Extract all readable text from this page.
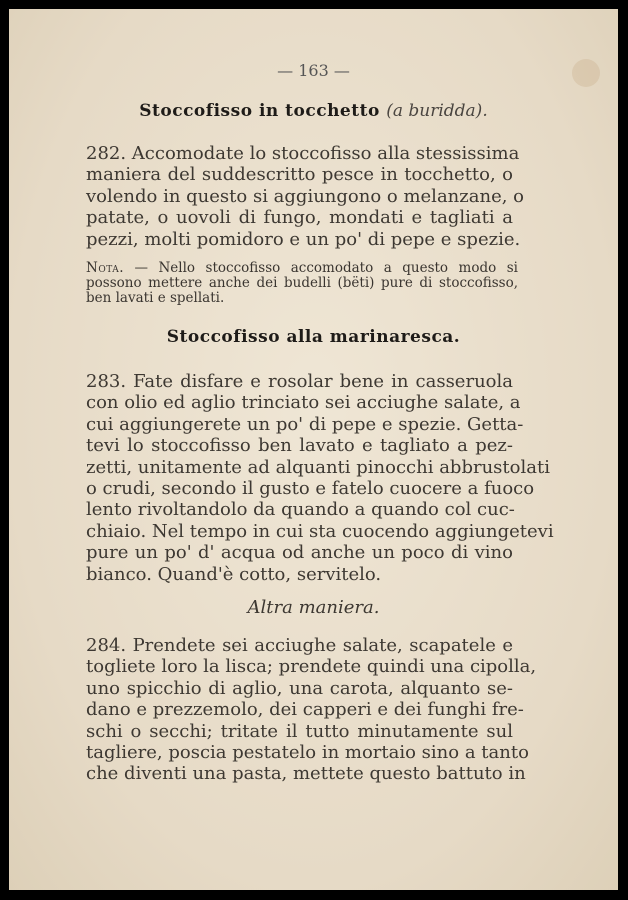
— 163 —
Stoccofisso in tocchetto (a buridda).
282. Accomodate lo stoccofisso alla stessissima
maniera del suddescritto pesce in tocchetto, o
volendo in questo si aggiungono o melanzane, o
patate, o uovoli di fungo, mondati e tagliati a
pezzi, molti pomidoro e un po' di pepe e spezie.
Nota. — Nello stoccofisso accomodato a questo modo si
possono mettere anche dei budelli (bëti) pure di stoccofisso,
ben lavati e spellati.
Stoccofisso alla marinaresca.
283. Fate disfare e rosolar bene in casseruola
con olio ed aglio trinciato sei acciughe salate, a
cui aggiungerete un po' di pepe e spezie. Getta-
tevi lo stoccofisso ben lavato e tagliato a pez-
zetti, unitamente ad alquanti pinocchi abbrustolati
o crudi, secondo il gusto e fatelo cuocere a fuoco
lento rivoltandolo da quando a quando col cuc-
chiaio. Nel tempo in cui sta cuocendo aggiungetevi
pure un po' d' acqua od anche un poco di vino
bianco. Quand'è cotto, servitelo.
Altra maniera.
284. Prendete sei acciughe salate, scapatele e
toglietе loro la lisca; prendete quindi una cipolla,
uno spicchio di aglio, una carota, alquanto se-
dano e prezzemolo, dei capperi e dei funghi fre-
schi o secchi; tritate il tutto minutamente sul
tagliere, poscia pestatelo in mortaio sino a tanto
che diventi una pasta, mettete questo battuto in
